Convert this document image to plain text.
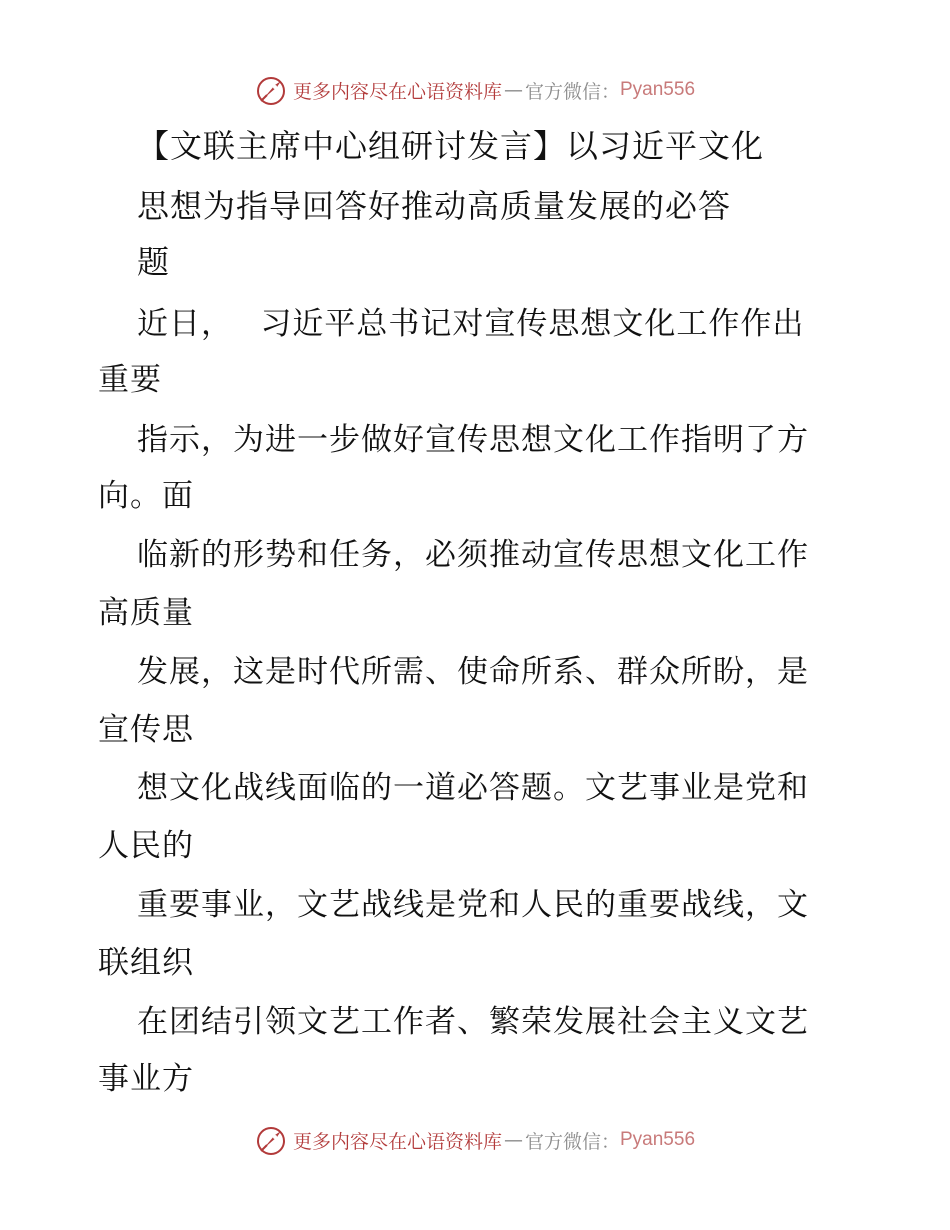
更多内容尽在心语资料库 — 官方微信： Pyan556
【文联主席中心组研讨发言】以习近平文化
思想为指导回答好推动高质量发展的必答
题
近日，　 习近平总书记对宣传思想文化工作作出
重要
指示，为进一步做好宣传思想文化工作指明了方
向。面
临新的形势和任务，必须推动宣传思想文化工作
高质量
发展，这是时代所需、使命所系、群众所盼，是
宣传思
想文化战线面临的一道必答题。文艺事业是党和
人民的
重要事业，文艺战线是党和人民的重要战线，文
联组织
在团结引领文艺工作者、繁荣发展社会主义文艺
事业方
更多内容尽在心语资料库 — 官方微信： Pyan556
